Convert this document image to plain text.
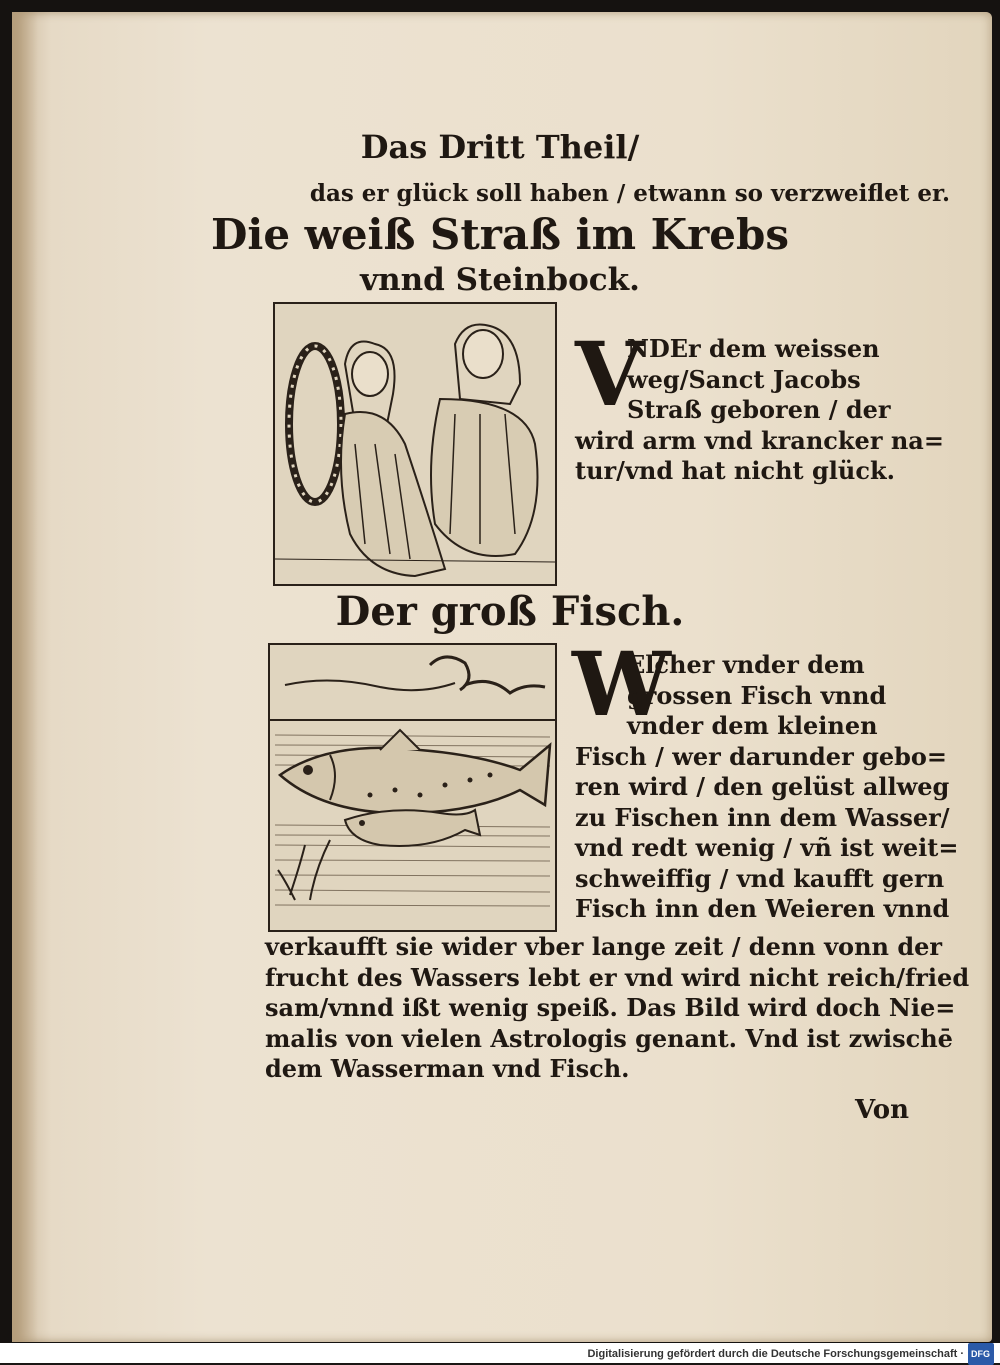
Das Dritt Theil/
das er glück soll haben / etwann so verzweiflet er.
Die weiß Straß im Krebs
vnnd Steinbock.
V
NDEr dem weissen
weg/Sanct Jacobs
Straß geboren / der
wird arm vnd krancker na=
tur/vnd hat nicht glück.
Der groß Fisch.
W
Elcher vnder dem
grossen Fisch vnnd
vnder dem kleinen
Fisch / wer darunder gebo=
ren wird / den gelüst allweg
zu Fischen inn dem Wasser/
vnd redt wenig / vñ ist weit=
schweiffig / vnd kaufft gern
Fisch inn den Weieren vnnd
verkaufft sie wider vber lange zeit / denn vonn der
frucht des Wassers lebt er vnd wird nicht reich/fried
sam/vnnd ißt wenig speiß. Das Bild wird doch Nie=
malis von vielen Astrologis genant. Vnd ist zwischē
dem Wasserman vnd Fisch.
Von
Digitalisierung gefördert durch die Deutsche Forschungsgemeinschaft · DFG
